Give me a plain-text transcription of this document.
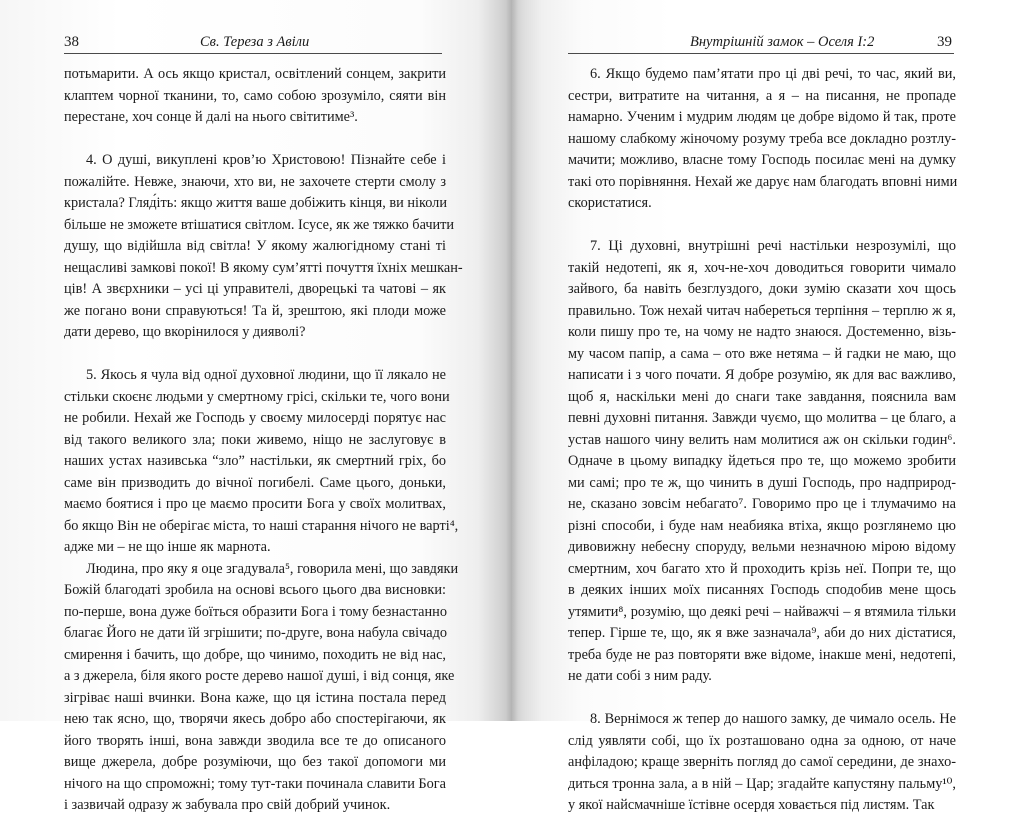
38	Св. Тереза з Авіли
потьмарити. А ось якщо кристал, освітлений сонцем, закрити
клаптем чорної тканини, то, само собою зрозуміло, сяяти він
перестане, хоч сонце й далі на нього світитиме³.
4. О душі, викуплені кров’ю Христовою! Пізнайте себе і
пожалійте. Невже, знаючи, хто ви, не захочете стерти смолу з
кристала? Гляд́іть: якщо життя ваше добіжить кінця, ви ніколи
більше не зможете втішатися світлом. Ісусе, як же тяжко бачити
душу, що відійшла від світла! У якому жалюгідному стані ті
нещасливі замкові покої! В якому сум’ятті почуття їхніх мешкан-
ців! А звєрхники – усі ці управителі, дворецькі та чатові – як
же погано вони справуються! Та й, зрештою, які плоди може
дати дерево, що вкорінилося у дияволі?
5. Якось я чула від одної духовної людини, що її лякало не
стільки скоєнє людьми у смертному грісі, скільки те, чого вони
не робили. Нехай же Господь у своєму милосерді порятує нас
від такого великого зла; поки живемо, ніщо не заслуговує в
наших устах називська “зло” настільки, як смертний гріх, бо
саме він призводить до вічної погибелі. Саме цього, доньки,
маємо боятися і про це маємо просити Бога у своїх молитвах,
бо якщо Він не оберігає міста, то наші старання нічого не варті⁴,
адже ми – не що інше як марнота.
Людина, про яку я оце згадувала⁵, говорила мені, що завдяки
Божій благодаті зробила на основі всього цього два висновки:
по-перше, вона дуже боїться образити Бога і тому безнастанно
благає Його не дати їй згрішити; по-друге, вона набула свічадо
смирення і бачить, що добре, що чинимо, походить не від нас,
а з джерела, біля якого росте дерево нашої душі, і від сонця, яке
зігріває наші вчинки. Вона каже, що ця істина постала перед
нею так ясно, що, творячи якесь добро або спостерігаючи, як
його творять інші, вона завжди зводила все те до описаного
вище джерела, добре розуміючи, що без такої допомоги ми
нічого на що спроможні; тому тут-таки починала славити Бога
і зазвичай одразу ж забувала про свій добрий учинок.
Внутрішній замок – Оселя І:2	39
6. Якщо будемо пам’ятати про ці дві речі, то час, який ви,
сестри, витратите на читання, а я – на писання, не пропаде
намарно. Ученим і мудрим людям це добре відомо й так, проте
нашому слабкому жіночому розуму треба все докладно розтлу-
мачити; можливо, власне тому Господь посилає мені на думку
такі ото порівняння. Нехай же дарує нам благодать вповні ними
скористатися.
7. Ці духовні, внутрішні речі настільки незрозумілі, що
такій недотепі, як я, хоч-не-хоч доводиться говорити чимало
зайвого, ба навіть безглуздого, доки зумію сказати хоч щось
правильно. Тож нехай читач набереться терпіння – терплю ж я,
коли пишу про те, на чому не надто знаюся. Достеменно, візь-
му часом папір, а сама – ото вже нетяма – й гадки не маю, що
написати і з чого почати. Я добре розумію, як для вас важливо,
щоб я, наскільки мені до снаги таке завдання, пояснила вам
певні духовні питання. Завжди чуємо, що молитва – це благо, а
устав нашого чину велить нам молитися аж он скільки годин⁶.
Одначе в цьому випадку йдеться про те, що можемо зробити
ми самі; про те ж, що чинить в душі Господь, про надприрод-
не, сказано зовсім небагато⁷. Говоримо про це і тлумачимо на
різні способи, і буде нам неабияка втіха, якщо розглянемо цю
дивовижну небесну споруду, вельми незначною мірою відому
смертним, хоч багато хто й проходить крізь неї. Попри те, що
в деяких інших моїх писаннях Господь сподобив мене щось
утямити⁸, розумію, що деякі речі – найважчі – я втямила тільки
тепер. Гірше те, що, як я вже зазначала⁹, аби до них дістатися,
треба буде не раз повторяти вже відоме, інакше мені, недотепі,
не дати собі з ним раду.
8. Вернімося ж тепер до нашого замку, де чимало осель. Не
слід уявляти собі, що їх розташовано одна за одною, от наче
анфіладою; краще зверніть погляд до самої середини, де знахо-
диться тронна зала, а в ній – Цар; згадайте капустяну пальму¹⁰,
у якої найсмачніше їстівне осердя ховається під листям. Так
